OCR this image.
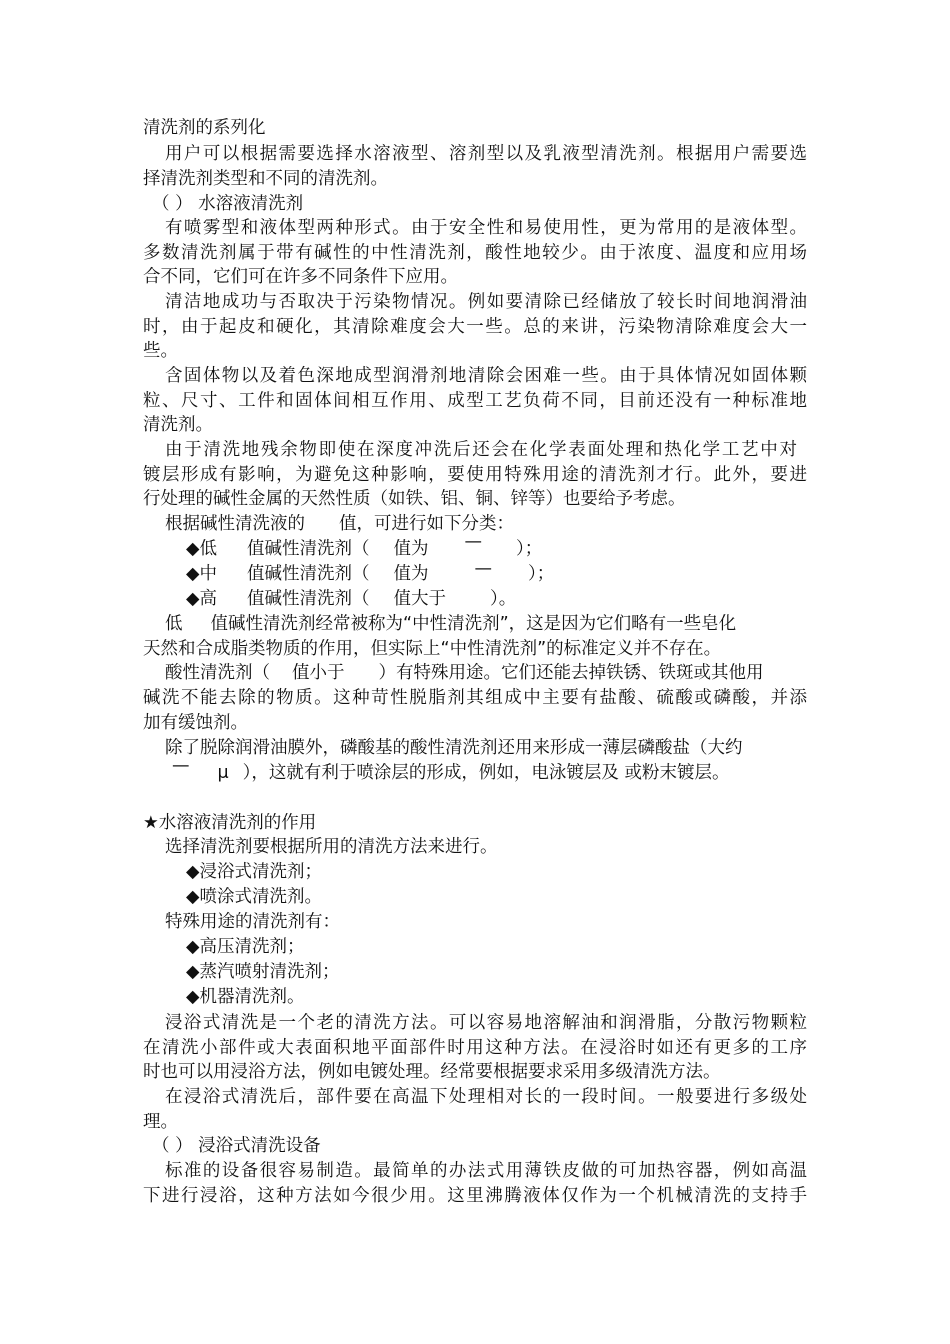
清洗剂的系列化
用户可以根据需要选择水溶液型、溶剂型以及乳液型清洗剂。根据用户需要选
择清洗剂类型和不同的清洗剂。
（ ） 水溶液清洗剂
有喷雾型和液体型两种形式。由于安全性和易使用性，更为常用的是液体型。
多数清洗剂属于带有碱性的中性清洗剂，酸性地较少。由于浓度、温度和应用场
合不同，它们可在许多不同条件下应用。
清洁地成功与否取决于污染物情况。例如要清除已经储放了较长时间地润滑油
时，由于起皮和硬化，其清除难度会大一些。总的来讲，污染物清除难度会大一
些。
含固体物以及着色深地成型润滑剂地清除会困难一些。由于具体情况如固体颗
粒、尺寸、工件和固体间相互作用、成型工艺负荷不同，目前还没有一种标准地
清洗剂。
由于清洗地残余物即使在深度冲洗后还会在化学表面处理和热化学工艺中对
镀层形成有影响，为避免这种影响，要使用特殊用途的清洗剂才行。此外，要进
行处理的碱性金属的天然性质（如铁、铝、铜、锌等）也要给予考虑。
根据碱性清洗液的 值，可进行如下分类：
◆低 值碱性清洗剂（ 值为 — ）；
◆中 值碱性清洗剂（ 值为	— ）；
◆高 值碱性清洗剂（ 值大于	）。
低 值碱性清洗剂经常被称为“中性清洗剂”，这是因为它们略有一些皂化
天然和合成脂类物质的作用，但实际上“中性清洗剂”的标准定义并不存在。
酸性清洗剂（ 值小于 ）有特殊用途。它们还能去掉铁锈、铁斑或其他用
碱洗不能去除的物质。这种苛性脱脂剂其组成中主要有盐酸、硫酸或磷酸，并添
加有缓蚀剂。
除了脱除润滑油膜外，磷酸基的酸性清洗剂还用来形成一薄层磷酸盐（大约
— μ ），这就有利于喷涂层的形成，例如，电泳镀层及 或粉末镀层。
★水溶液清洗剂的作用
选择清洗剂要根据所用的清洗方法来进行。
◆浸浴式清洗剂；
◆喷涂式清洗剂。
特殊用途的清洗剂有：
◆高压清洗剂；
◆蒸汽喷射清洗剂；
◆机器清洗剂。
浸浴式清洗是一个老的清洗方法。可以容易地溶解油和润滑脂，分散污物颗粒
在清洗小部件或大表面积地平面部件时用这种方法。在浸浴时如还有更多的工序
时也可以用浸浴方法，例如电镀处理。经常要根据要求采用多级清洗方法。
在浸浴式清洗后，部件要在高温下处理相对长的一段时间。一般要进行多级处
理。
（ ） 浸浴式清洗设备
标准的设备很容易制造。最简单的办法式用薄铁皮做的可加热容器，例如高温
下进行浸浴，这种方法如今很少用。这里沸腾液体仅作为一个机械清洗的支持手
